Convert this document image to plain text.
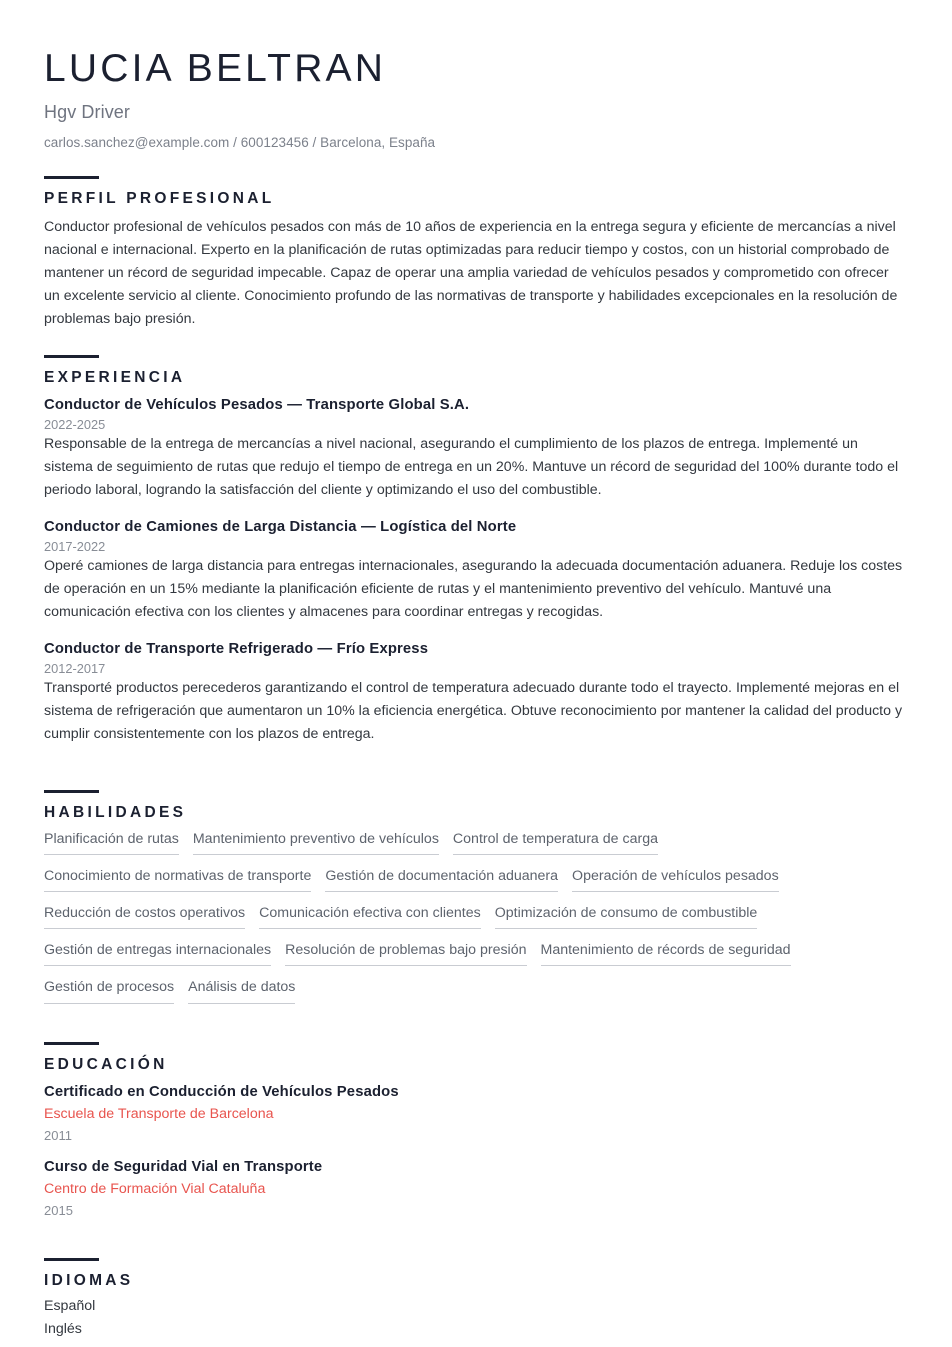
LUCIA BELTRAN
Hgv Driver
carlos.sanchez@example.com / 600123456 / Barcelona, España
PERFIL PROFESIONAL

Conductor profesional de vehículos pesados con más de 10 años de experiencia en la entrega segura y eficiente de mercancías a nivel nacional e internacional. Experto en la planificación de rutas optimizadas para reducir tiempo y costos, con un historial comprobado de mantener un récord de seguridad impecable. Capaz de operar una amplia variedad de vehículos pesados y comprometido con ofrecer un excelente servicio al cliente. Conocimiento profundo de las normativas de transporte y habilidades excepcionales en la resolución de problemas bajo presión.

EXPERIENCIA
Conductor de Vehículos Pesados — Transporte Global S.A.
2022-2025
Responsable de la entrega de mercancías a nivel nacional, asegurando el cumplimiento de los plazos de entrega. Implementé un sistema de seguimiento de rutas que redujo el tiempo de entrega en un 20%. Mantuve un récord de seguridad del 100% durante todo el periodo laboral, logrando la satisfacción del cliente y optimizando el uso del combustible.
Conductor de Camiones de Larga Distancia — Logística del Norte
2017-2022
Operé camiones de larga distancia para entregas internacionales, asegurando la adecuada documentación aduanera. Reduje los costes de operación en un 15% mediante la planificación eficiente de rutas y el mantenimiento preventivo del vehículo. Mantuvé una comunicación efectiva con los clientes y almacenes para coordinar entregas y recogidas.
Conductor de Transporte Refrigerado — Frío Express
2012-2017
Transporté productos perecederos garantizando el control de temperatura adecuado durante todo el trayecto. Implementé mejoras en el sistema de refrigeración que aumentaron un 10% la eficiencia energética. Obtuve reconocimiento por mantener la calidad del producto y cumplir consistentemente con los plazos de entrega.
HABILIDADES
Planificación de rutas Mantenimiento preventivo de vehículos Control de temperatura de carga
Conocimiento de normativas de transporte Gestión de documentación aduanera Operación de vehículos pesados
Reducción de costos operativos Comunicación efectiva con clientes Optimización de consumo de combustible
Gestión de entregas internacionales Resolución de problemas bajo presión Mantenimiento de récords de seguridad
Gestión de procesos Análisis de datos
EDUCACIÓN
Certificado en Conducción de Vehículos Pesados
Escuela de Transporte de Barcelona
2011
Curso de Seguridad Vial en Transporte
Centro de Formación Vial Cataluña
2015
IDIOMAS
Español
Inglés
